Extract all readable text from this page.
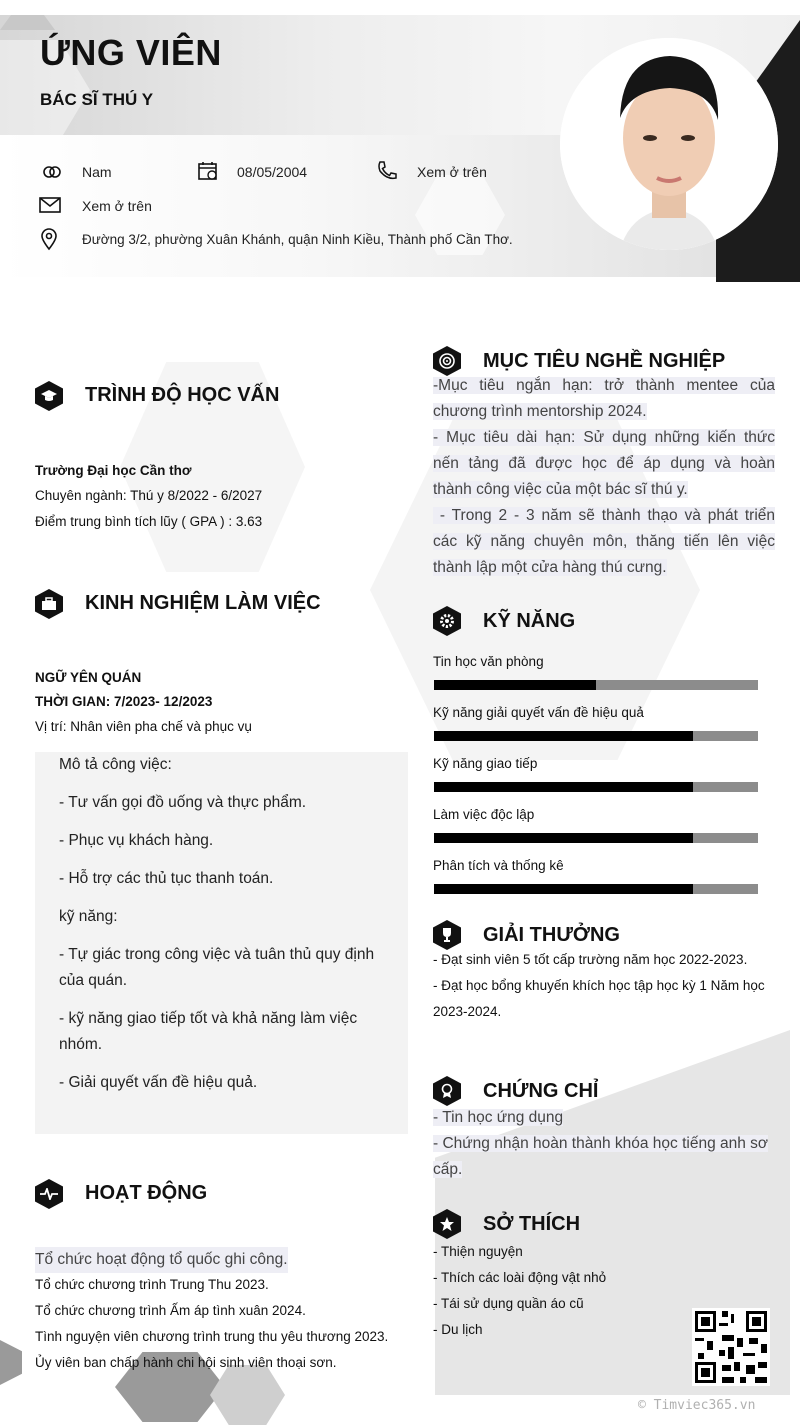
ỨNG VIÊN
BÁC SĨ THÚ Y
Nam	08/05/2004	Xem ở trên
Xem ở trên
Đường 3/2, phường Xuân Khánh, quận Ninh Kiều, Thành phố Cần Thơ.
TRÌNH ĐỘ HỌC VẤN
Trường Đại học Cần thơ
Chuyên ngành: Thú y 8/2022 - 6/2027
Điểm trung bình tích lũy ( GPA ) : 3.63
KINH NGHIỆM LÀM VIỆC
NGỮ YÊN QUÁN
THỜI GIAN: 7/2023- 12/2023
Vị trí: Nhân viên pha chế và phục vụ
Mô tả công việc:
- Tư vấn gọi đồ uống và thực phẩm.
- Phục vụ khách hàng.
- Hỗ trợ các thủ tục thanh toán.
kỹ năng:
- Tự giác trong công việc và tuân thủ quy định
của quán.
- kỹ năng giao tiếp tốt và khả năng làm việc
nhóm.
- Giải quyết vấn đề hiệu quả.
HOẠT ĐỘNG
Tổ chức hoạt động tổ quốc ghi công.
Tổ chức chương trình Trung Thu 2023.
Tổ chức chương trình Ấm áp tình xuân 2024.
Tình nguyện viên chương trình trung thu yêu thương 2023.
Ủy viên ban chấp hành chi hội sinh viên thoại sơn.
MỤC TIÊU NGHỀ NGHIỆP
-Mục tiêu ngắn hạn: trở thành mentee của
chương trình mentorship 2024.
- Mục tiêu dài hạn: Sử dụng những kiến thức
nến tảng đã được học để áp dụng và hoàn
thành công việc của một bác sĩ thú y.
- Trong 2 - 3 năm sẽ thành thạo và phát triển
các kỹ năng chuyên môn, thăng tiến lên việc
thành lập một cửa hàng thú cưng.
KỸ NĂNG
Tin học văn phòng
Kỹ năng giải quyết vấn đề hiệu quả
Kỹ năng giao tiếp
Làm việc độc lập
Phân tích và thống kê
GIẢI THƯỞNG
- Đạt sinh viên 5 tốt cấp trường năm học 2022-2023.
- Đạt học bổng khuyến khích học tập học kỳ 1 Năm học
2023-2024.
CHỨNG CHỈ
- Tin học ứng dụng
- Chứng nhận hoàn thành khóa học tiếng anh sơ
cấp.
SỞ THÍCH
- Thiện nguyện
- Thích các loài động vật nhỏ
- Tái sử dụng quần áo cũ
- Du lịch
© Timviec365.vn
